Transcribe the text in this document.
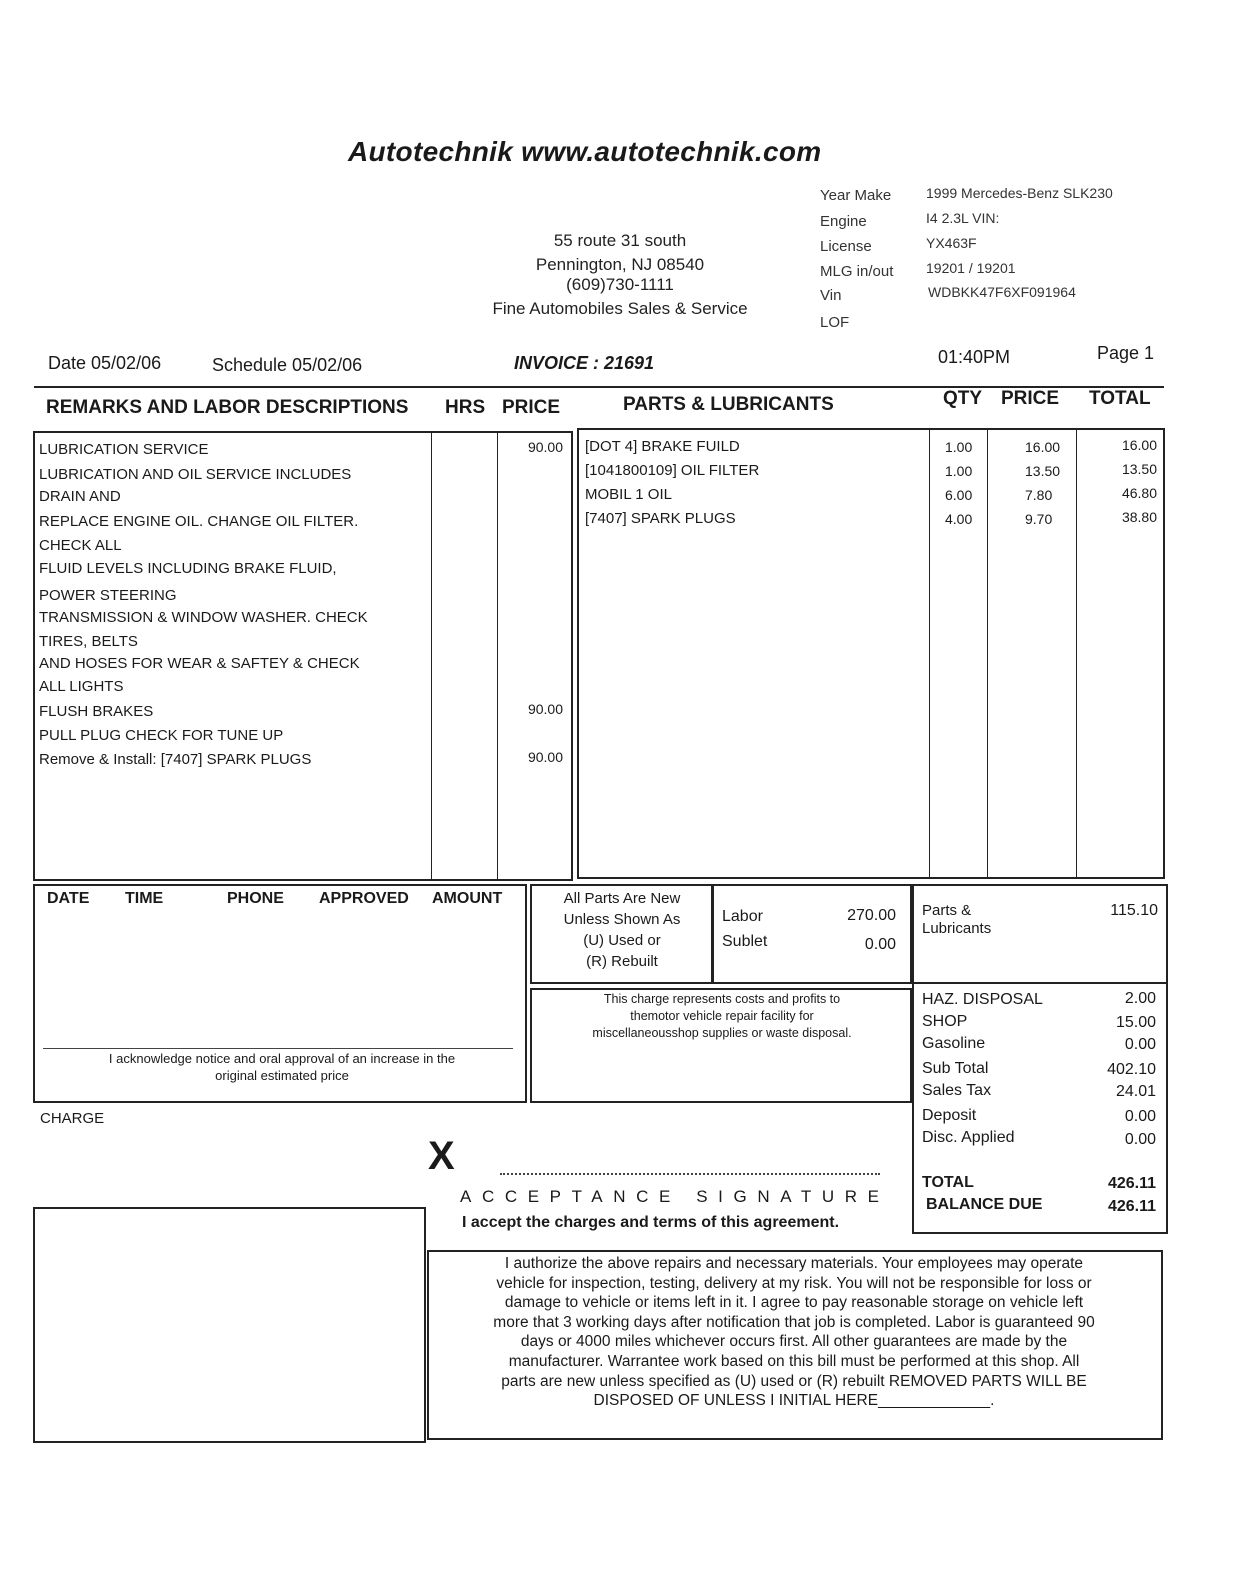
Autotechnik www.autotechnik.com
55 route 31 south
Pennington, NJ 08540
(609)730-1111
Fine Automobiles Sales & Service
Year Make 1999 Mercedes-Benz SLK230
Engine	I4 2.3L VIN:
License	YX463F
MLG in/out 19201 / 19201
Vin	WDBKK47F6XF091964
LOF
Date 05/02/06	Schedule 05/02/06	INVOICE : 21691	01:40PM	Page 1
REMARKS AND LABOR DESCRIPTIONS HRS PRICE	PARTS & LUBRICANTS	QTY PRICE TOTAL
LUBRICATION SERVICE	90.00
LUBRICATION AND OIL SERVICE INCLUDES
DRAIN AND
REPLACE ENGINE OIL. CHANGE OIL FILTER.
CHECK ALL
FLUID LEVELS INCLUDING BRAKE FLUID,
POWER STEERING
TRANSMISSION & WINDOW WASHER. CHECK
TIRES, BELTS
AND HOSES FOR WEAR & SAFTEY & CHECK
ALL LIGHTS
FLUSH BRAKES	90.00
PULL PLUG CHECK FOR TUNE UP
Remove & Install: [7407] SPARK PLUGS	90.00
[DOT 4] BRAKE FUILD	1.00	16.00	16.00
[1041800109] OIL FILTER	1.00	13.50	13.50
MOBIL 1 OIL	6.00	7.80	46.80
[7407] SPARK PLUGS	4.00	9.70	38.80
DATE TIME	PHONE APPROVED AMOUNT
I acknowledge notice and oral approval of an increase in the
original estimated price
All Parts Are New
Unless Shown As
(U) Used or
(R) Rebuilt
Labor	270.00
Sublet	0.00
This charge represents costs and profits to
themotor vehicle repair facility for
miscellaneousshop supplies or waste disposal.
Parts &
Lubricants
115.10
HAZ. DISPOSAL	2.00
SHOP	15.00
Gasoline	0.00
Sub Total	402.10
Sales Tax	24.01
Deposit	0.00
Disc. Applied	0.00
TOTAL	426.11
BALANCE DUE	426.11
CHARGE
X
ACCEPTANCE SIGNATURE
I accept the charges and terms of this agreement.
I authorize the above repairs and necessary materials. Your employees may operate
vehicle for inspection, testing, delivery at my risk. You will not be responsible for loss or
damage to vehicle or items left in it. I agree to pay reasonable storage on vehicle left
more that 3 working days after notification that job is completed. Labor is guaranteed 90
days or 4000 miles whichever occurs first. All other guarantees are made by the
manufacturer. Warrantee work based on this bill must be performed at this shop. All
parts are new unless specified as (U) used or (R) rebuilt REMOVED PARTS WILL BE
DISPOSED OF UNLESS I INITIAL HERE_____________.
